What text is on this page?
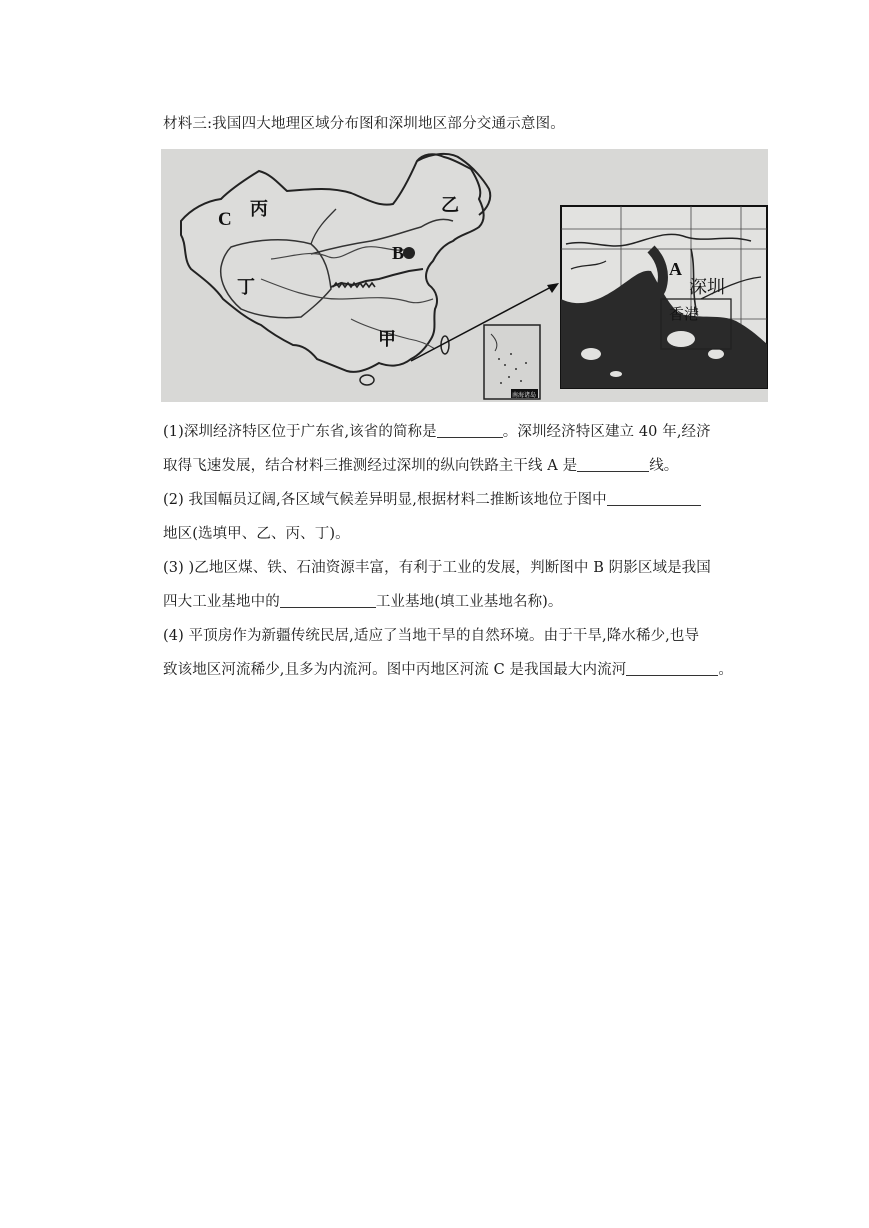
材料三:我国四大地理区域分布图和深圳地区部分交通示意图。
C 丙	乙
B
丁
甲
南海诸岛
A
深圳
香港
(1)深圳经济特区位于广东省,该省的简称是	。深圳经济特区建立 40 年,经济
取得飞速发展，结合材料三推测经过深圳的纵向铁路主干线 A 是	线。
(2) 我国幅员辽阔,各区域气候差异明显,根据材料二推断该地位于图中
地区(选填甲、乙、丙、丁)。
(3) )乙地区煤、铁、石油资源丰富，有利于工业的发展，判断图中 B 阴影区域是我国
四大工业基地中的	工业基地(填工业基地名称)。
(4) 平顶房作为新疆传统民居,适应了当地干旱的自然环境。由于干旱,降水稀少,也导
致该地区河流稀少,且多为内流河。图中丙地区河流 C 是我国最大内流河	。
